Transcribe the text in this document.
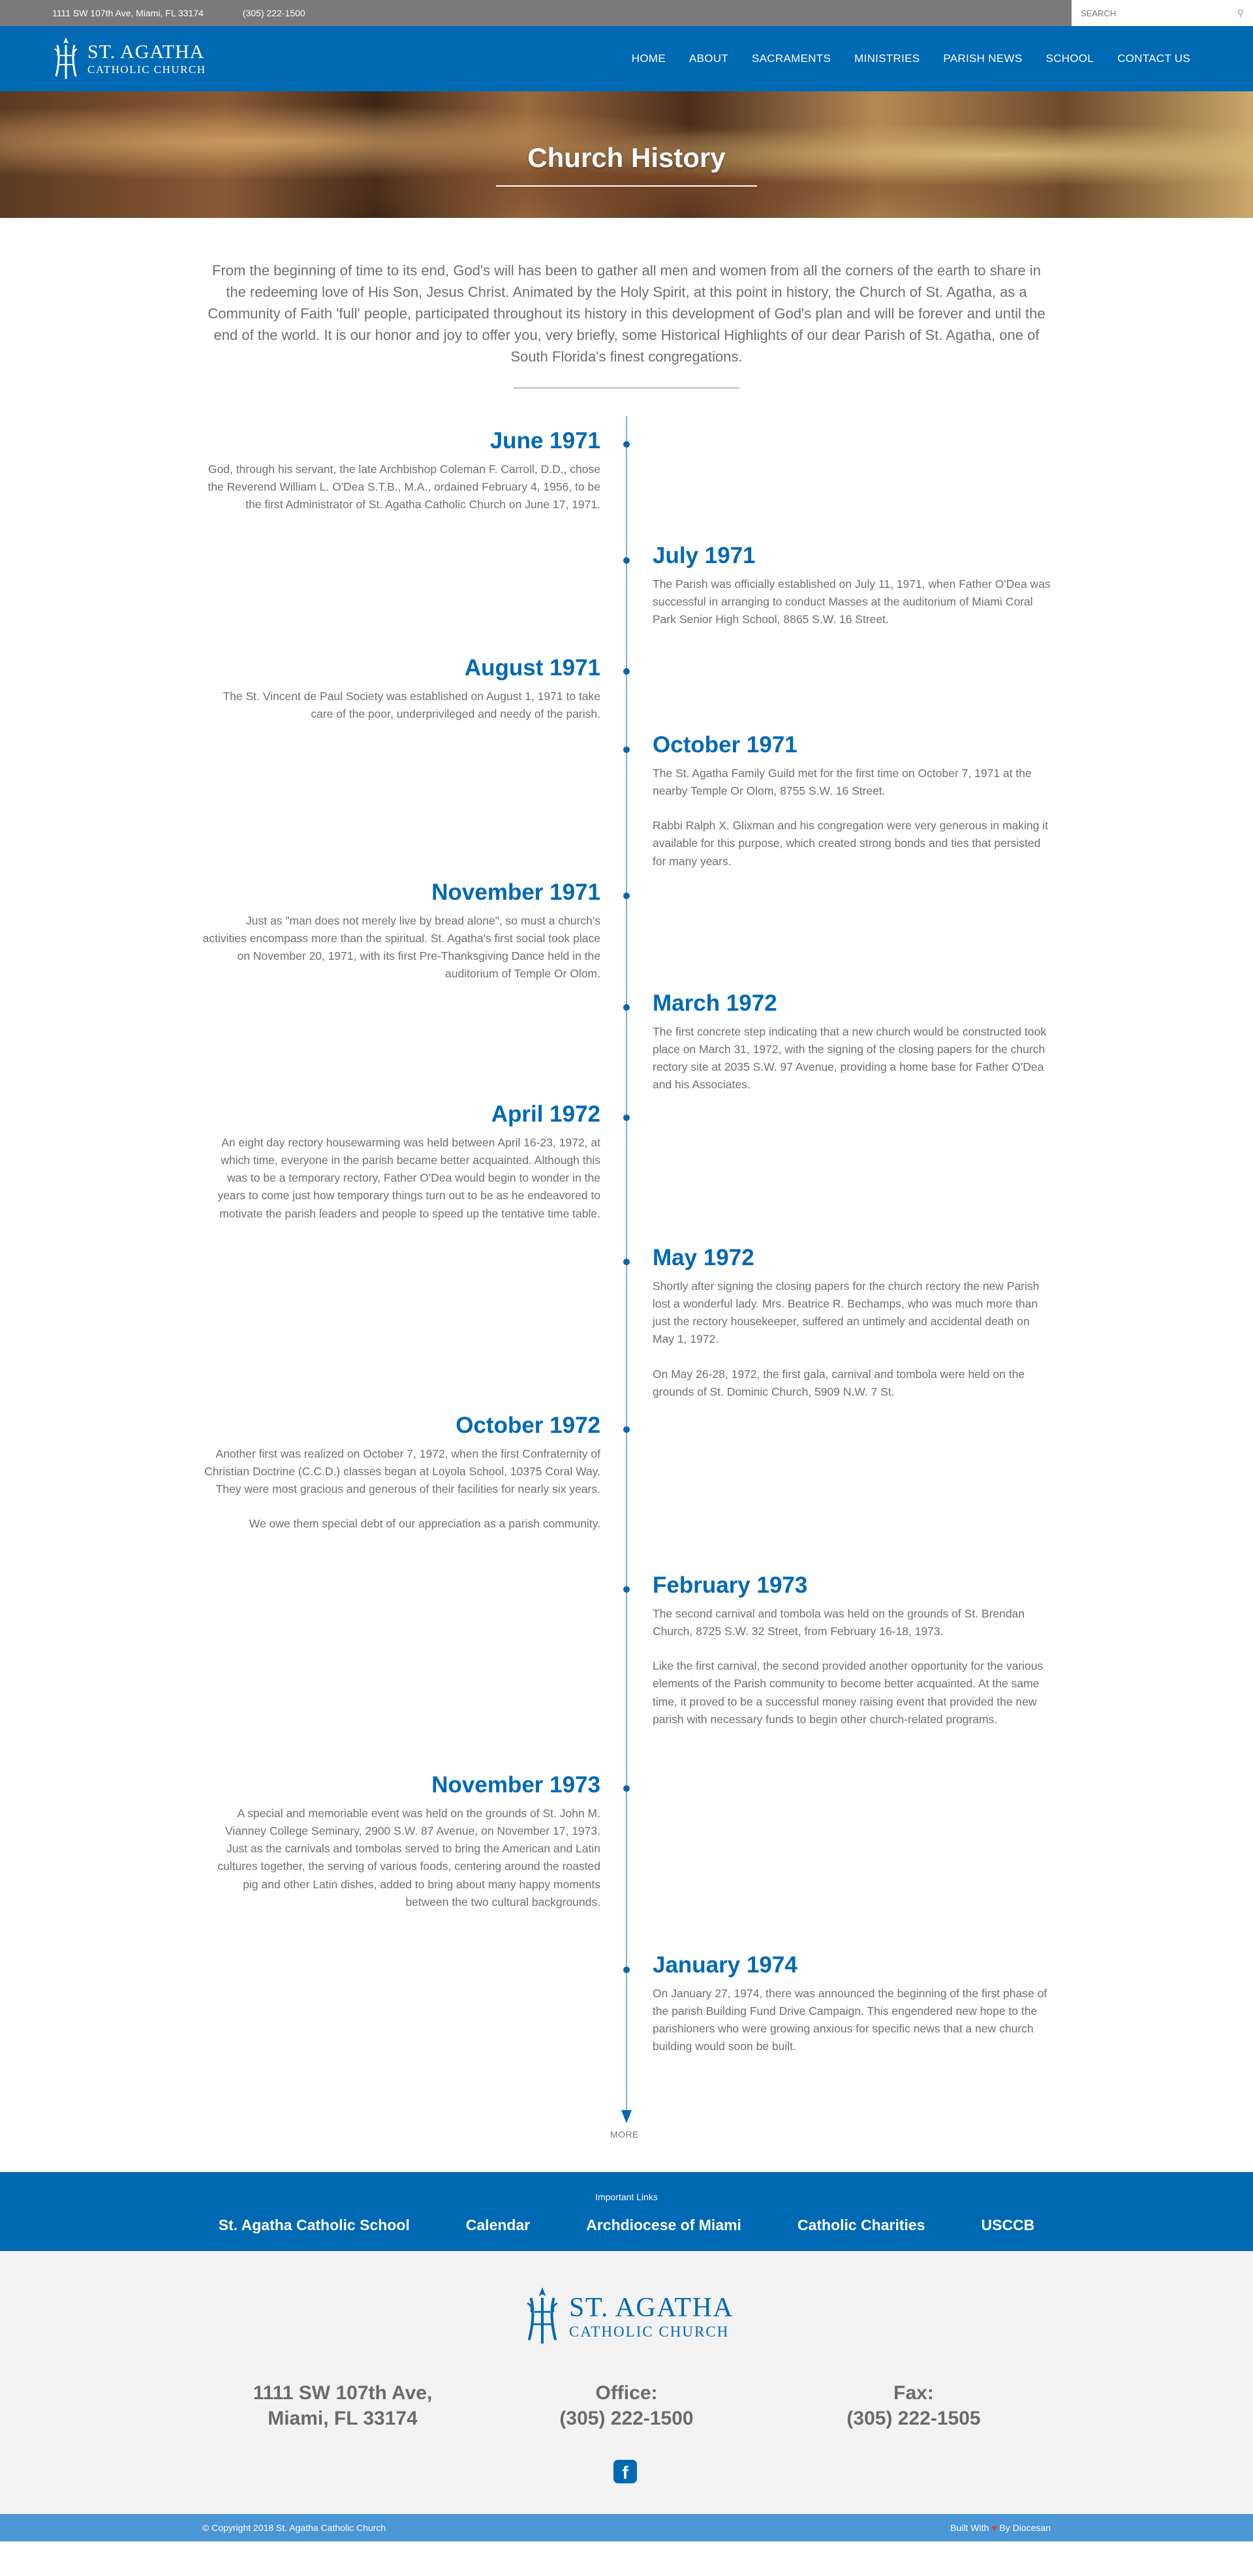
1111 SW 107th Ave, Miami, FL 33174	(305) 222-1500
SEARCH	⚲
ST. AGATHA
CATHOLIC CHURCH
HOME	ABOUT	SACRAMENTS	MINISTRIES	PARISH NEWS	SCHOOL	CONTACT US
Church History

From the beginning of time to its end, God's will has been to gather all men and women from all the corners of the earth to share in the redeeming love of His Son, Jesus Christ. Animated by the Holy Spirit, at this point in history, the Church of St. Agatha, as a Community of Faith 'full' people, participated throughout its history in this development of God's plan and will be forever and until the end of the world. It is our honor and joy to offer you, very briefly, some Historical Highlights of our dear Parish of St. Agatha, one of South Florida's finest congregations.

June 1971

God, through his servant, the late Archbishop Coleman F. Carroll, D.D., chose the Reverend William L. O'Dea S.T.B., M.A., ordained February 4, 1956, to be the first Administrator of St. Agatha Catholic Church on June 17, 1971.

July 1971

The Parish was officially established on July 11, 1971, when Father O'Dea was successful in arranging to conduct Masses at the auditorium of Miami Coral Park Senior High School, 8865 S.W. 16 Street.

August 1971

The St. Vincent de Paul Society was established on August 1, 1971 to take care of the poor, underprivileged and needy of the parish.

October 1971

The St. Agatha Family Guild met for the first time on October 7, 1971 at the nearby Temple Or Olom, 8755 S.W. 16 Street.

Rabbi Ralph X. Glixman and his congregation were very generous in making it available for this purpose, which created strong bonds and ties that persisted for many years.

November 1971

Just as "man does not merely live by bread alone", so must a church's activities encompass more than the spiritual. St. Agatha's first social took place on November 20, 1971, with its first Pre-Thanksgiving Dance held in the auditorium of Temple Or Olom.

March 1972

The first concrete step indicating that a new church would be constructed took place on March 31, 1972, with the signing of the closing papers for the church rectory site at 2035 S.W. 97 Avenue, providing a home base for Father O'Dea and his Associates.

April 1972

An eight day rectory housewarming was held between April 16-23, 1972, at which time, everyone in the parish became better acquainted. Although this was to be a temporary rectory, Father O'Dea would begin to wonder in the years to come just how temporary things turn out to be as he endeavored to motivate the parish leaders and people to speed up the tentative time table.

May 1972

Shortly after signing the closing papers for the church rectory the new Parish lost a wonderful lady. Mrs. Beatrice R. Bechamps, who was much more than just the rectory housekeeper, suffered an untimely and accidental death on May 1, 1972.

On May 26-28, 1972, the first gala, carnival and tombola were held on the grounds of St. Dominic Church, 5909 N.W. 7 St.

October 1972

Another first was realized on October 7, 1972, when the first Confraternity of Christian Doctrine (C.C.D.) classes began at Loyola School, 10375 Coral Way. They were most gracious and generous of their facilities for nearly six years.

We owe them special debt of our appreciation as a parish community.

February 1973

The second carnival and tombola was held on the grounds of St. Brendan Church, 8725 S.W. 32 Street, from February 16-18, 1973.

Like the first carnival, the second provided another opportunity for the various elements of the Parish community to become better acquainted. At the same time, it proved to be a successful money raising event that provided the new parish with necessary funds to begin other church-related programs.

November 1973

A special and memoriable event was held on the grounds of St. John M. Vianney College Seminary, 2900 S.W. 87 Avenue, on November 17, 1973. Just as the carnivals and tombolas served to bring the American and Latin cultures together, the serving of various foods, centering around the roasted pig and other Latin dishes, added to bring about many happy moments between the two cultural backgrounds.

January 1974

On January 27, 1974, there was announced the beginning of the first phase of the parish Building Fund Drive Campaign. This engendered new hope to the parishioners who were growing anxious for specific news that a new church building would soon be built.

MORE
Important Links
St. Agatha Catholic School	Calendar	Archdiocese of Miami	Catholic Charities	USCCB
ST. AGATHA
CATHOLIC CHURCH
1111 SW 107th Ave,
Miami, FL 33174
Office:
(305) 222-1500
Fax:
(305) 222-1505
f
© Copyright 2018 St. Agatha Catholic Church	Built With ♥ By Diocesan
